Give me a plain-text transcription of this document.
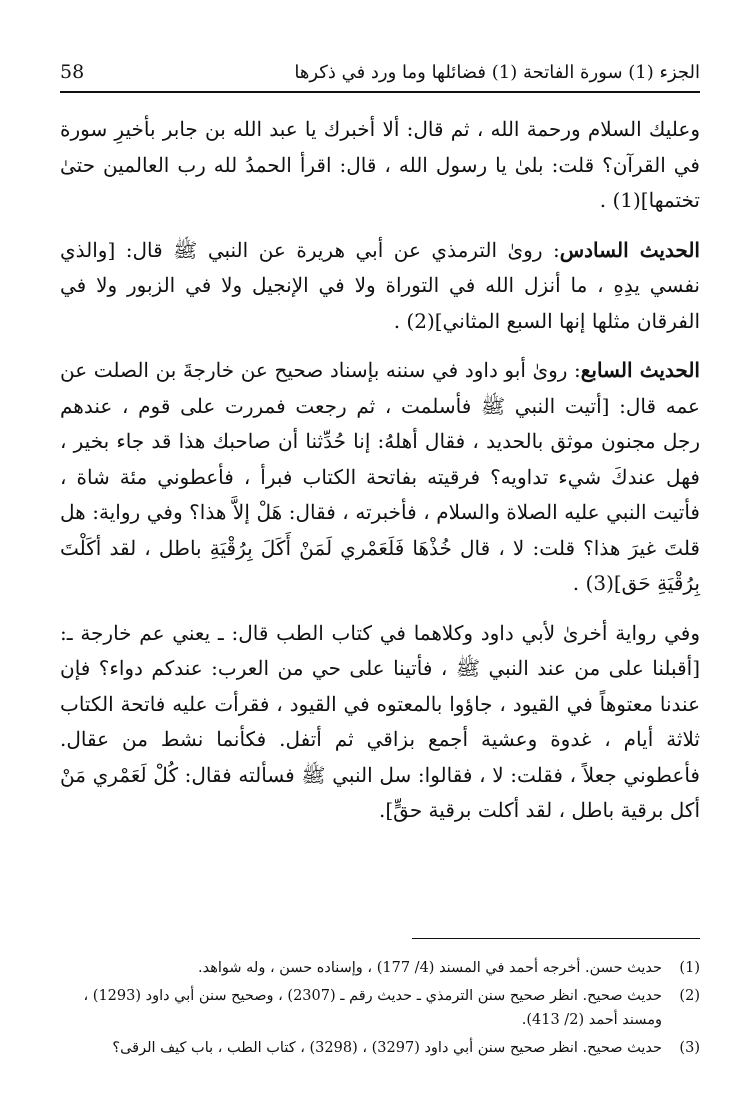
58	الجزء (1) سورة الفاتحة (1) فضائلها وما ورد في ذكرها

وعليك السلام ورحمة الله ، ثم قال: ألا أخبرك يا عبد الله بن جابر بأخيرِ سورة في القرآن؟ قلت: بلىٰ يا رسول الله ، قال: اقرأ الحمدُ لله رب العالمين حتىٰ تختمها](1) .

الحديث السادس: روىٰ الترمذي عن أبي هريرة عن النبي ﷺ قال: [والذي نفسي يدِهِ ، ما أنزل الله في التوراة ولا في الإنجيل ولا في الزبور ولا في الفرقان مثلها إنها السبع المثاني](2) .

الحديث السابع: روىٰ أبو داود في سننه بإسناد صحيح عن خارجةَ بن الصلت عن عمه قال: [أتيت النبي ﷺ فأسلمت ، ثم رجعت فمررت على قوم ، عندهم رجل مجنون موثق بالحديد ، فقال أهلهُ: إنا حُدِّثنا أن صاحبك هذا قد جاء بخير ، فهل عندكَ شيء تداويه؟ فرقيته بفاتحة الكتاب فبرأ ، فأعطوني مئة شاة ، فأتيت النبي عليه الصلاة والسلام ، فأخبرته ، فقال: هَلْ إلاَّ هذا؟ وفي رواية: هل قلتَ غيرَ هذا؟ قلت: لا ، قال خُذْهَا فَلَعَمْري لَمَنْ أَكَلَ بِرُقْيَةِ باطل ، لقد أكَلْتَ بِرُقْيَةِ حَق](3) .

وفي رواية أخرىٰ لأبي داود وكلاهما في كتاب الطب قال: ـ يعني عم خارجة ـ: [أقبلنا على من عند النبي ﷺ ، فأتينا على حي من العرب: عندكم دواء؟ فإن عندنا معتوهاً في القيود ، جاؤوا بالمعتوه في القيود ، فقرأت عليه فاتحة الكتاب ثلاثة أيام ، غدوة وعشية أجمع بزاقي ثم أتفل. فكأنما نشط من عقال. فأعطوني جعلاً ، فقلت: لا ، فقالوا: سل النبي ﷺ فسألته فقال: كُلْ لَعَمْري مَنْ أكل برقية باطل ، لقد أكلت برقية حقٍّ].

(1)
حديث حسن. أخرجه أحمد في المسند (4/ 177) ، وإسناده حسن ، وله شواهد.
(2)
حديث صحيح. انظر صحيح سنن الترمذي ـ حديث رقم ـ (2307) ، وصحيح سنن أبي داود (1293) ، ومسند أحمد (2/ 413).
(3)
حديث صحيح. انظر صحيح سنن أبي داود (3297) ، (3298) ، كتاب الطب ، باب كيف الرقى؟
